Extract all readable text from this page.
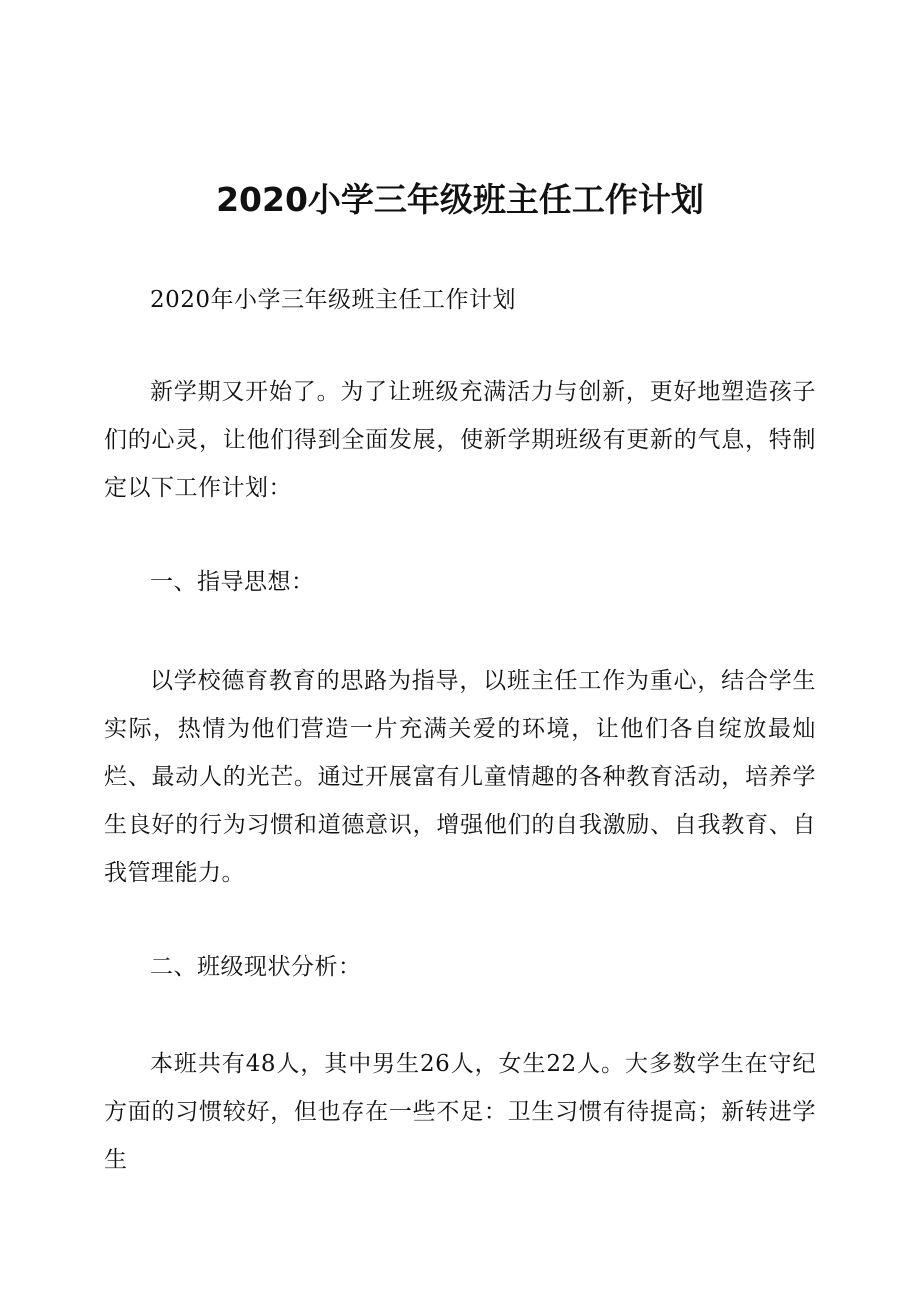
2020小学三年级班主任工作计划

2020年小学三年级班主任工作计划

新学期又开始了。为了让班级充满活力与创新，更好地塑造孩子们的心灵，让他们得到全面发展，使新学期班级有更新的气息，特制定以下工作计划：

一、指导思想：

以学校德育教育的思路为指导，以班主任工作为重心，结合学生实际，热情为他们营造一片充满关爱的环境，让他们各自绽放最灿烂、最动人的光芒。通过开展富有儿童情趣的各种教育活动，培养学生良好的行为习惯和道德意识，增强他们的自我激励、自我教育、自我管理能力。

二、班级现状分析：

本班共有48人，其中男生26人，女生22人。大多数学生在守纪方面的习惯较好，但也存在一些不足：卫生习惯有待提高；新转进学生
